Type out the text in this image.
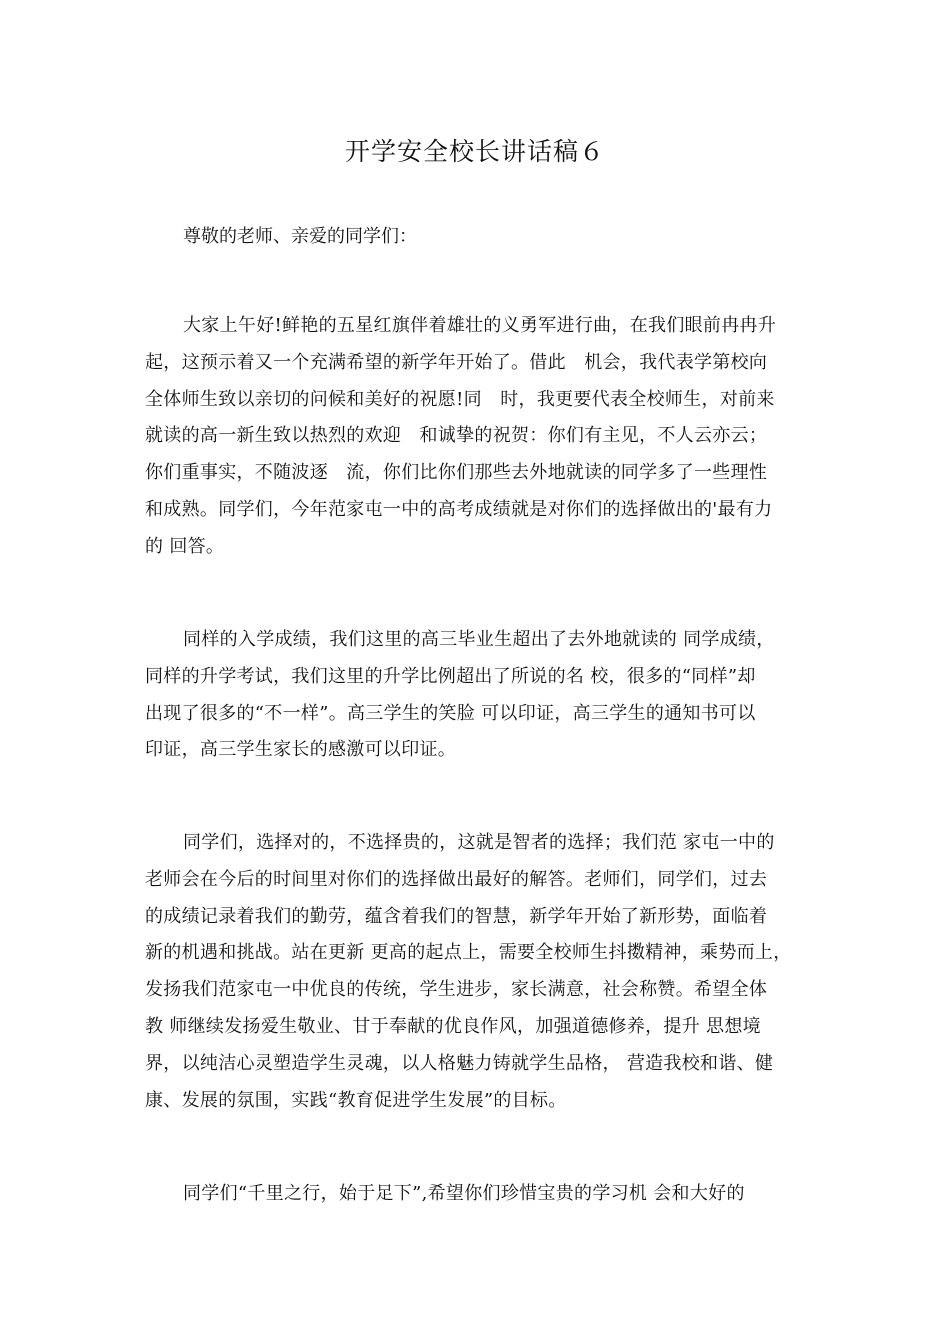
开学安全校长讲话稿６
尊敬的老师、亲爱的同学们：
大家上午好!鲜艳的五星红旗伴着雄壮的义勇军进行曲，在我们眼前冉冉升
起，这预示着又一个充满希望的新学年开始了。借此　机会，我代表学第校向
全体师生致以亲切的问候和美好的祝愿!同　时，我更要代表全校师生，对前来
就读的高一新生致以热烈的欢迎　和诚挚的祝贺：你们有主见，不人云亦云；
你们重事实，不随波逐　流，你们比你们那些去外地就读的同学多了一些理性
和成熟。同学们，今年范家屯一中的高考成绩就是对你们的选择做出的'最有力
的 回答。
同样的入学成绩，我们这里的高三毕业生超出了去外地就读的 同学成绩，
同样的升学考试，我们这里的升学比例超出了所说的名 校，很多的“同样”却
出现了很多的“不一样”。高三学生的笑脸 可以印证，高三学生的通知书可以
印证，高三学生家长的感激可以印证。
同学们，选择对的，不选择贵的，这就是智者的选择；我们范 家屯一中的
老师会在今后的时间里对你们的选择做出最好的解答。老师们，同学们，过去
的成绩记录着我们的勤劳，蕴含着我们的智慧，新学年开始了新形势，面临着
新的机遇和挑战。站在更新 更高的起点上，需要全校师生抖擞精神，乘势而上，
发扬我们范家屯一中优良的传统，学生进步，家长满意，社会称赞。希望全体
教 师继续发扬爱生敬业、甘于奉献的优良作风，加强道德修养，提升 思想境
界，以纯洁心灵塑造学生灵魂，以人格魅力铸就学生品格， 营造我校和谐、健
康、发展的氛围，实践“教育促进学生发展”的目标。
同学们“千里之行，始于足下”,希望你们珍惜宝贵的学习机 会和大好的
